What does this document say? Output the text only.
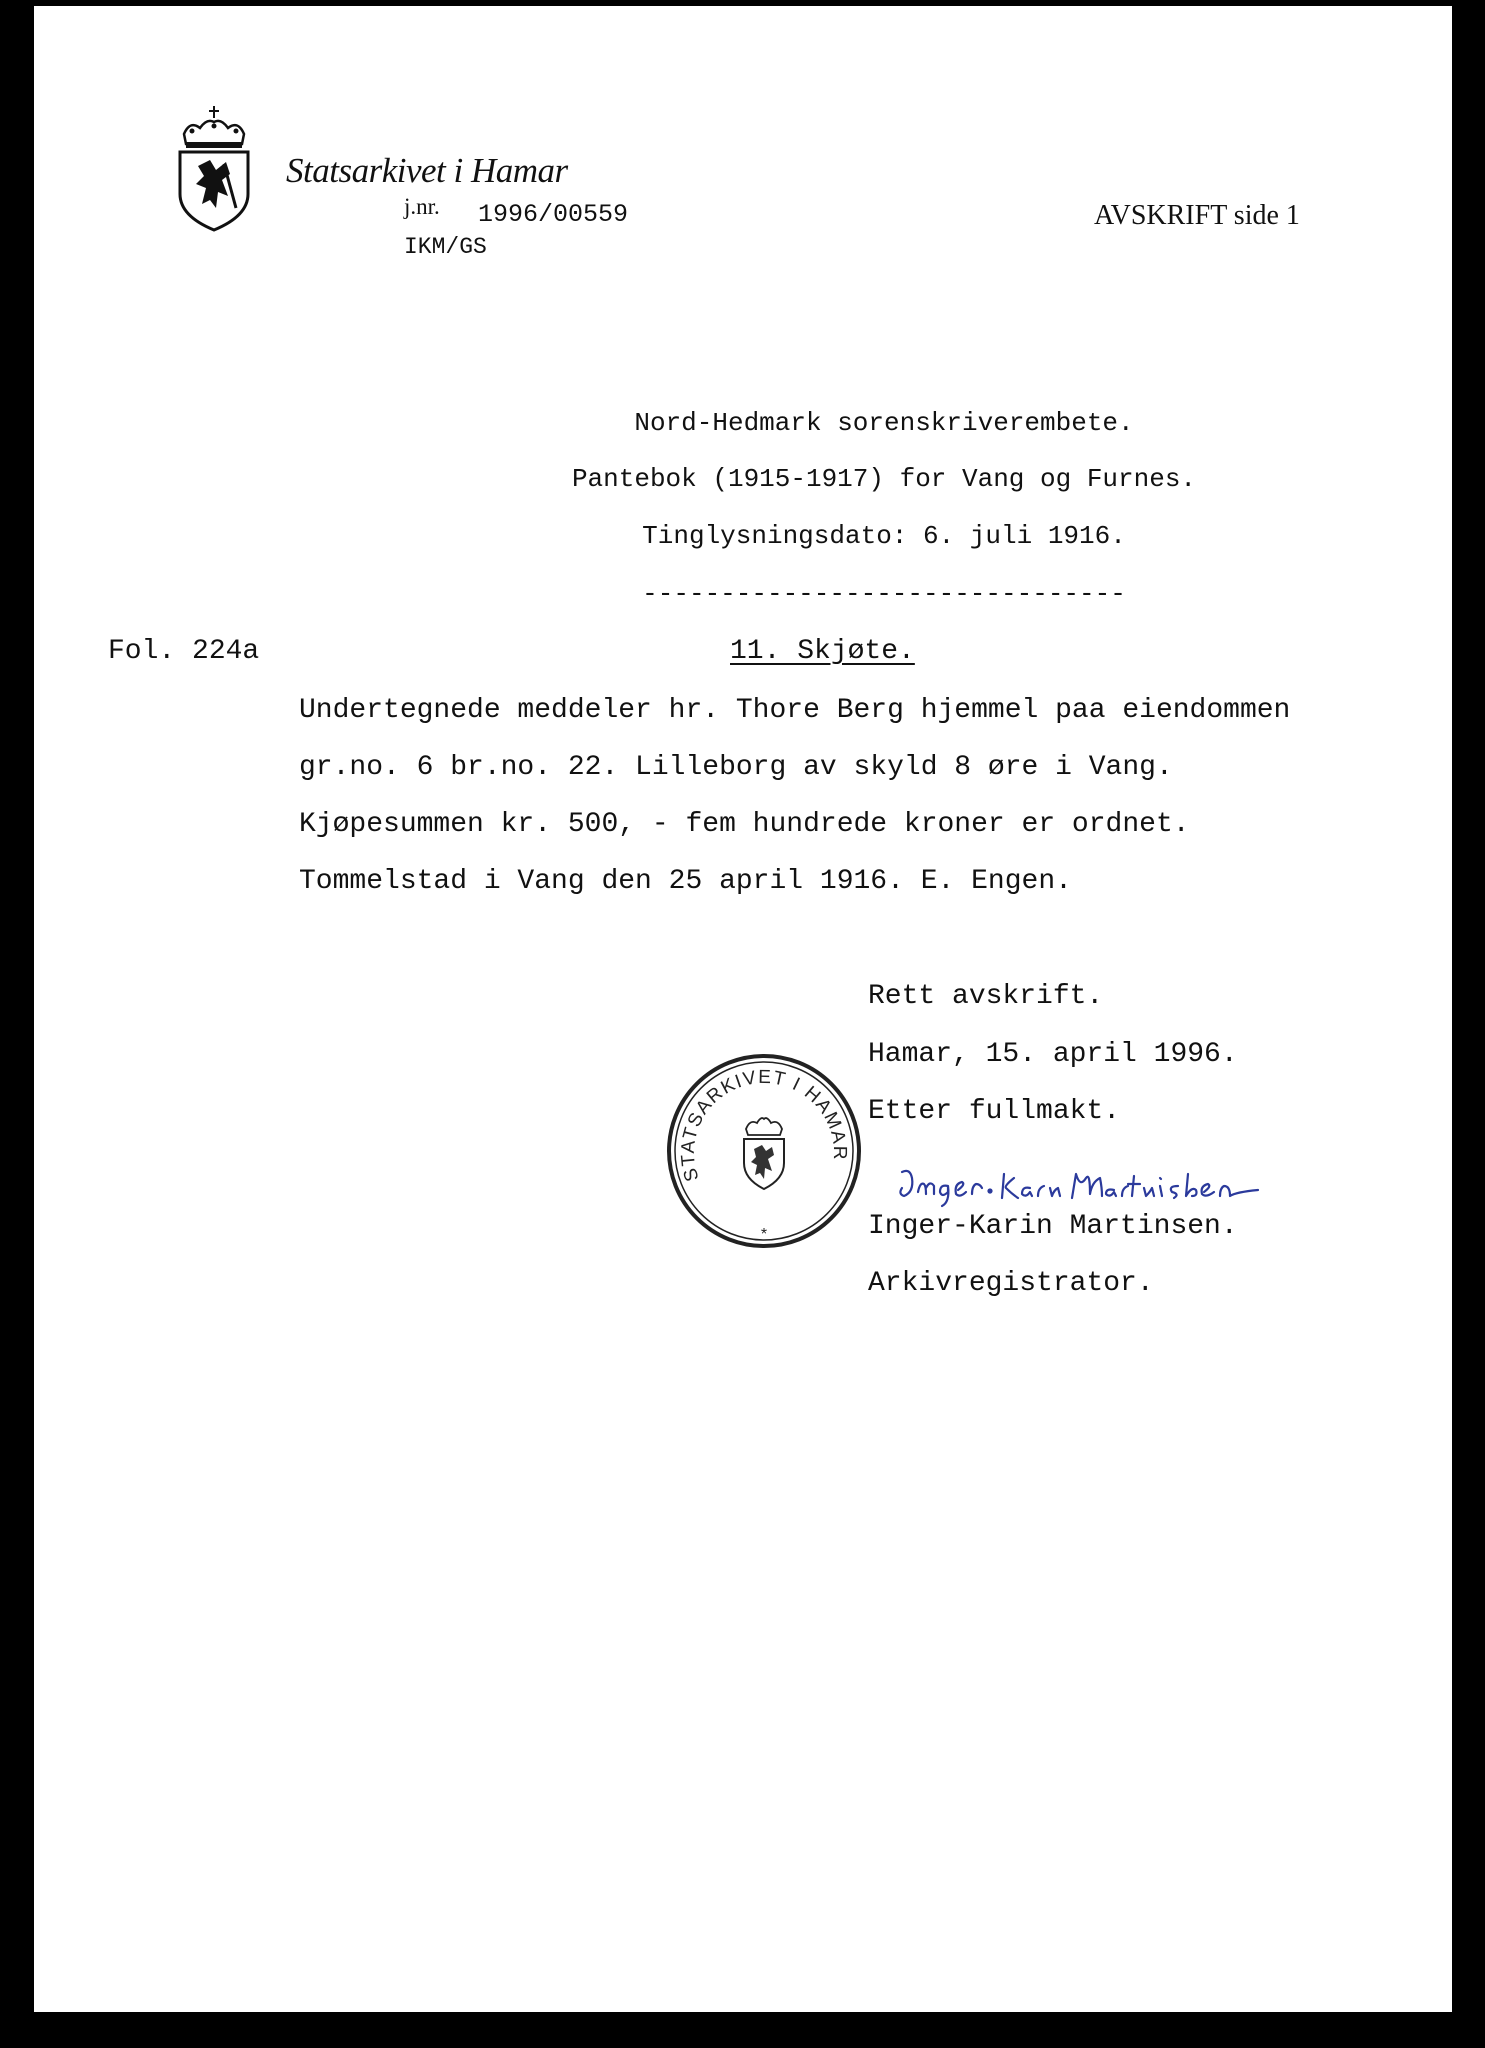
Statsarkivet i Hamar
j.nr. 1996/00559
IKM/GS
AVSKRIFT side 1
Nord-Hedmark sorenskriverembete.
Pantebok (1915-1917) for Vang og Furnes.
Tinglysningsdato: 6. juli 1916.
-------------------------------
Fol. 224a	11. Skjøte.
Undertegnede meddeler hr. Thore Berg hjemmel paa eiendommen
gr.no. 6 br.no. 22. Lilleborg av skyld 8 øre i Vang.
Kjøpesummen kr. 500, - fem hundrede kroner er ordnet.
Tommelstad i Vang den 25 april 1916. E. Engen.
Rett avskrift.
Hamar, 15. april 1996.
Etter fullmakt.
STATSARKIVET I HAMAR
*	Inger-Karin Martinsen.
Arkivregistrator.
